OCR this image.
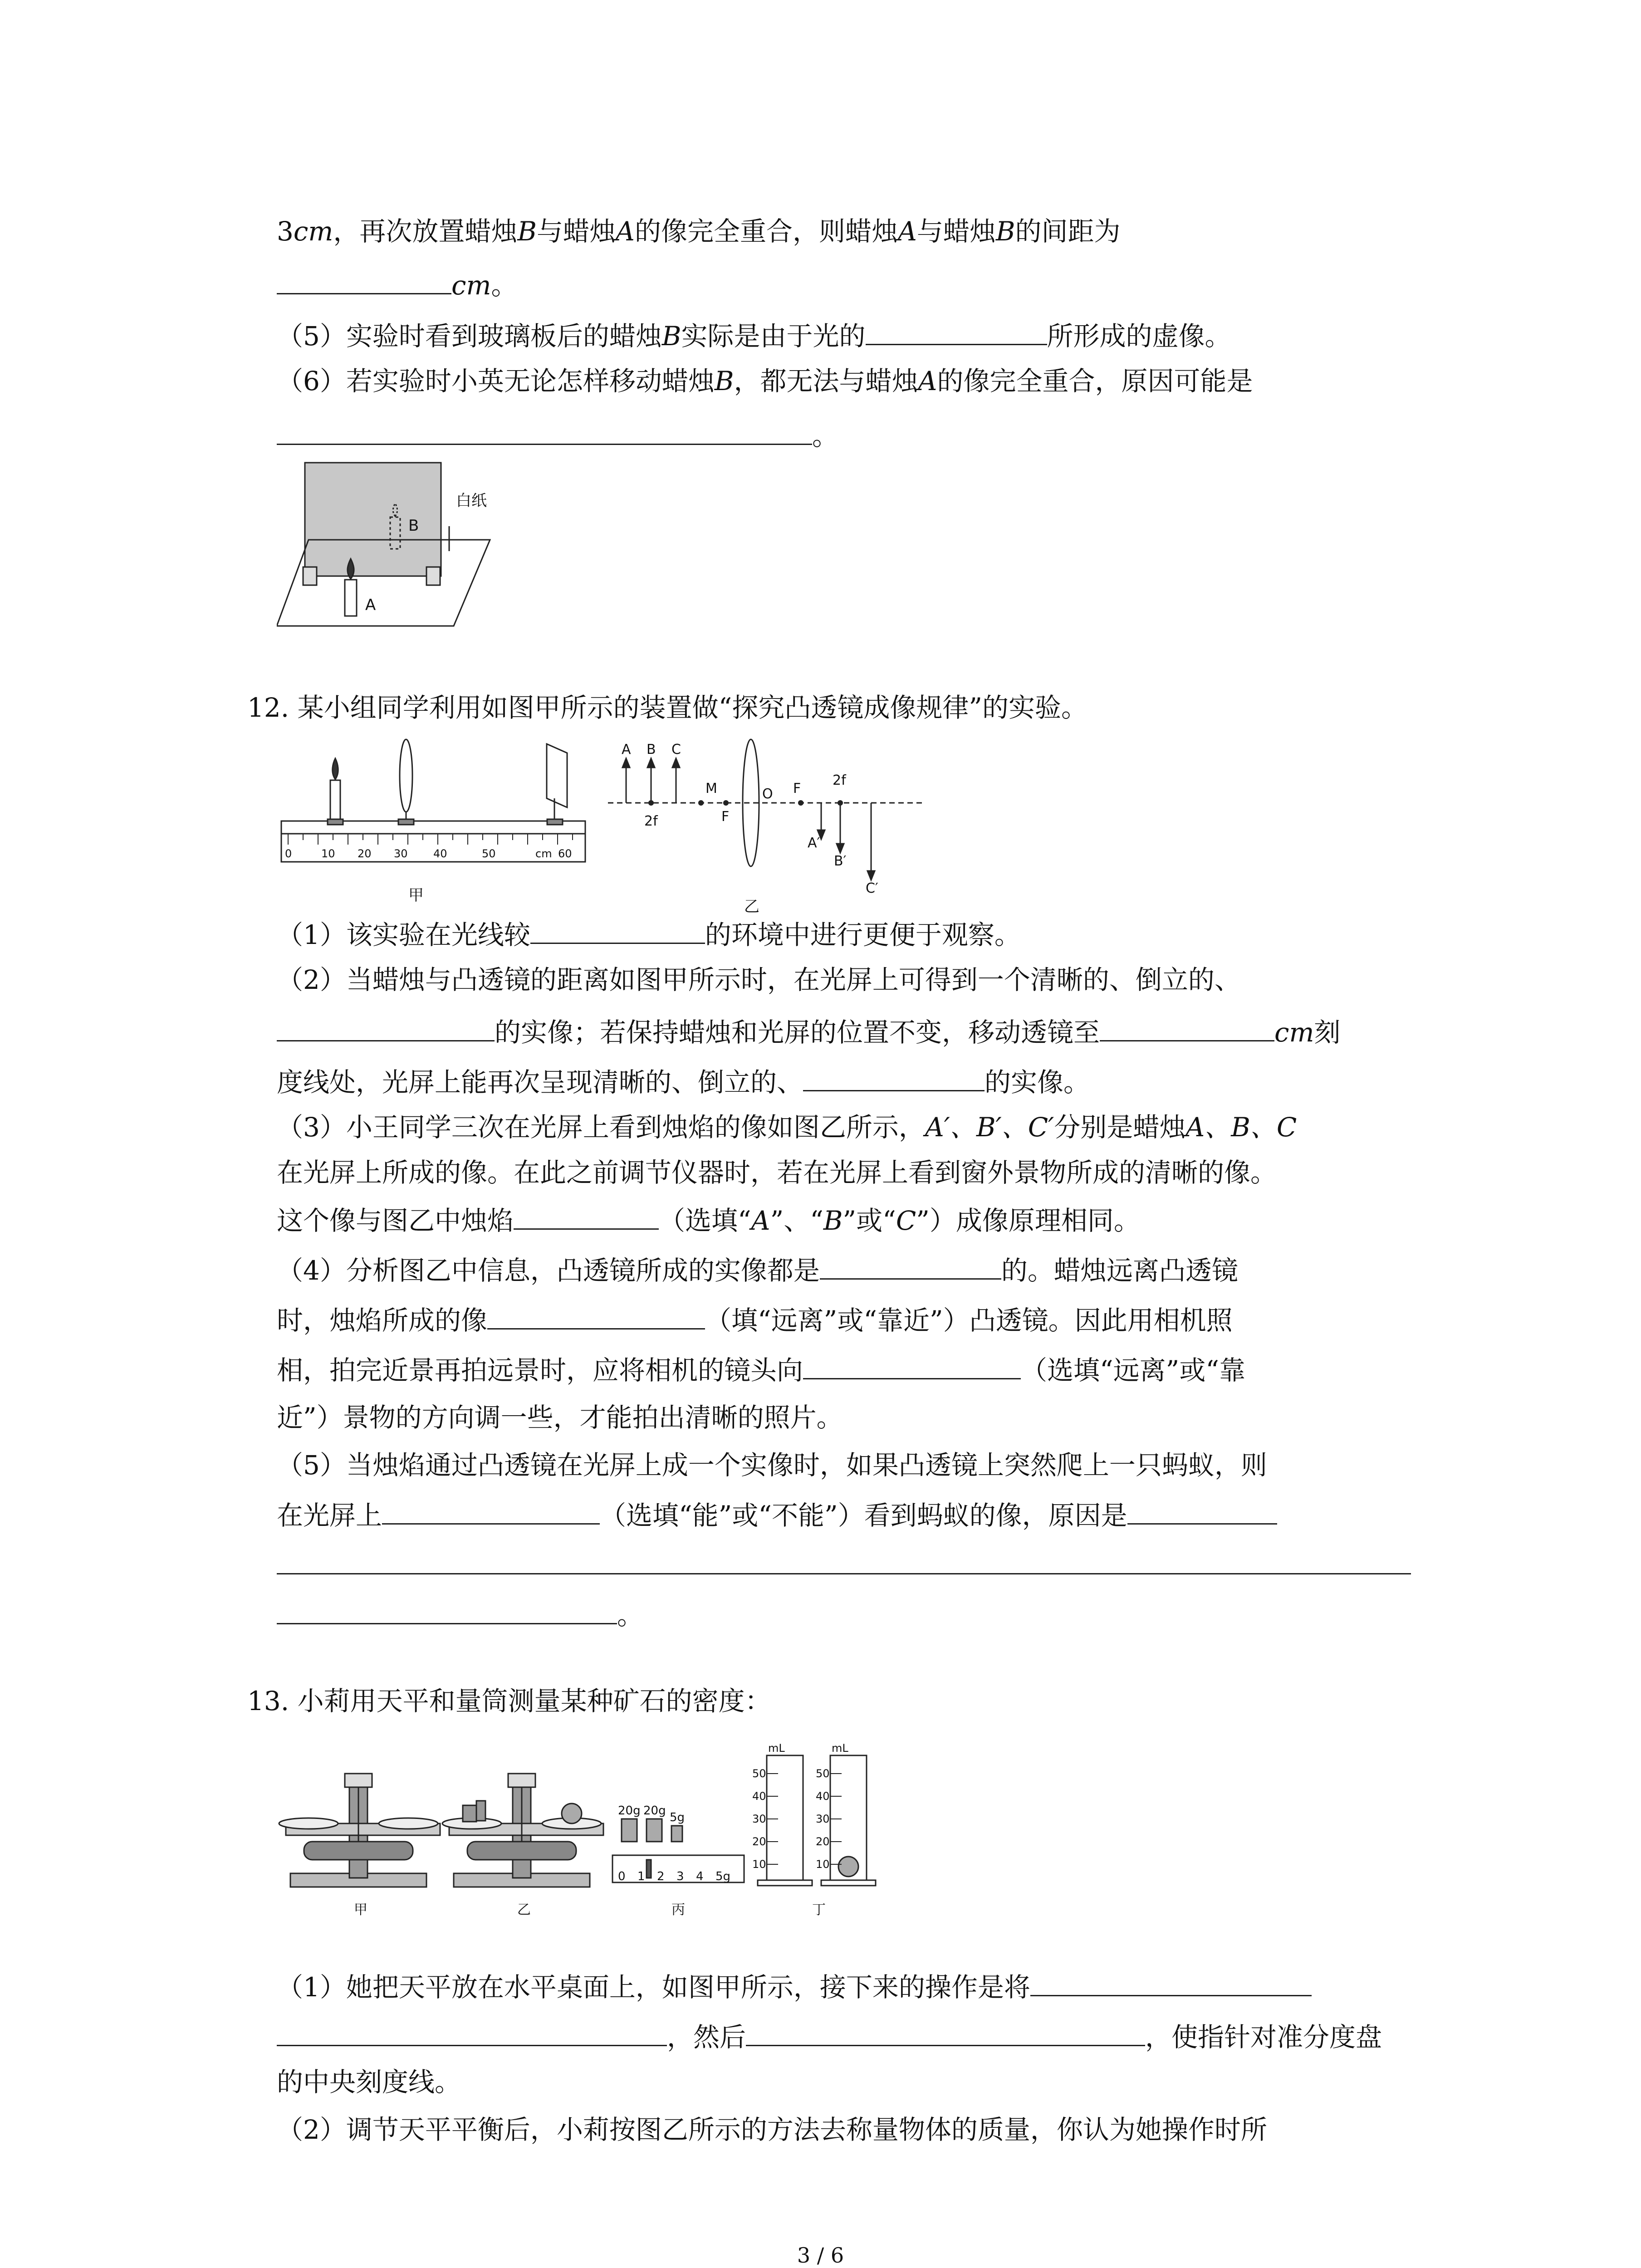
3cm，再次放置蜡烛B与蜡烛A的像完全重合，则蜡烛A与蜡烛B的间距为
cm。
（5）实验时看到玻璃板后的蜡烛B实际是由于光的	所形成的虚像。
（6）若实验时小英无论怎样移动蜡烛B，都无法与蜡烛A的像完全重合，原因可能是
。
B
白纸
A
12. 某小组同学利用如图甲所示的装置做“探究凸透镜成像规律”的实验。
0	10 20 30 40	50	cm 60
甲
A B C
M
2f	F
O F
2f
A′
B′
C′
乙
（1）该实验在光线较	的环境中进行更便于观察。
（2）当蜡烛与凸透镜的距离如图甲所示时，在光屏上可得到一个清晰的、倒立的、
的实像；若保持蜡烛和光屏的位置不变，移动透镜至	cm刻
度线处，光屏上能再次呈现清晰的、倒立的、	的实像。
（3）小王同学三次在光屏上看到烛焰的像如图乙所示，A′、B′、C′分别是蜡烛A、B、C
在光屏上所成的像。在此之前调节仪器时，若在光屏上看到窗外景物所成的清晰的像。
这个像与图乙中烛焰	（选填“A”、“B”或“C”）成像原理相同。
（4）分析图乙中信息，凸透镜所成的实像都是	的。蜡烛远离凸透镜
时，烛焰所成的像	（填“远离”或“靠近”）凸透镜。因此用相机照
相，拍完近景再拍远景时，应将相机的镜头向	（选填“远离”或“靠
近”）景物的方向调一些，才能拍出清晰的照片。
（5）当烛焰通过凸透镜在光屏上成一个实像时，如果凸透镜上突然爬上一只蚂蚁，则
在光屏上	（选填“能”或“不能”）看到蚂蚁的像，原因是
。
13. 小莉用天平和量筒测量某种矿石的密度：
20g 20g 5g
0 1 2 3 4 5g
mL	mL
50
40
30
20
10
50
40
30
20
10
甲	乙	丙	丁
（1）她把天平放在水平桌面上，如图甲所示，接下来的操作是将
，然后	，使指针对准分度盘
的中央刻度线。
（2）调节天平平衡后，小莉按图乙所示的方法去称量物体的质量，你认为她操作时所
3 / 6
